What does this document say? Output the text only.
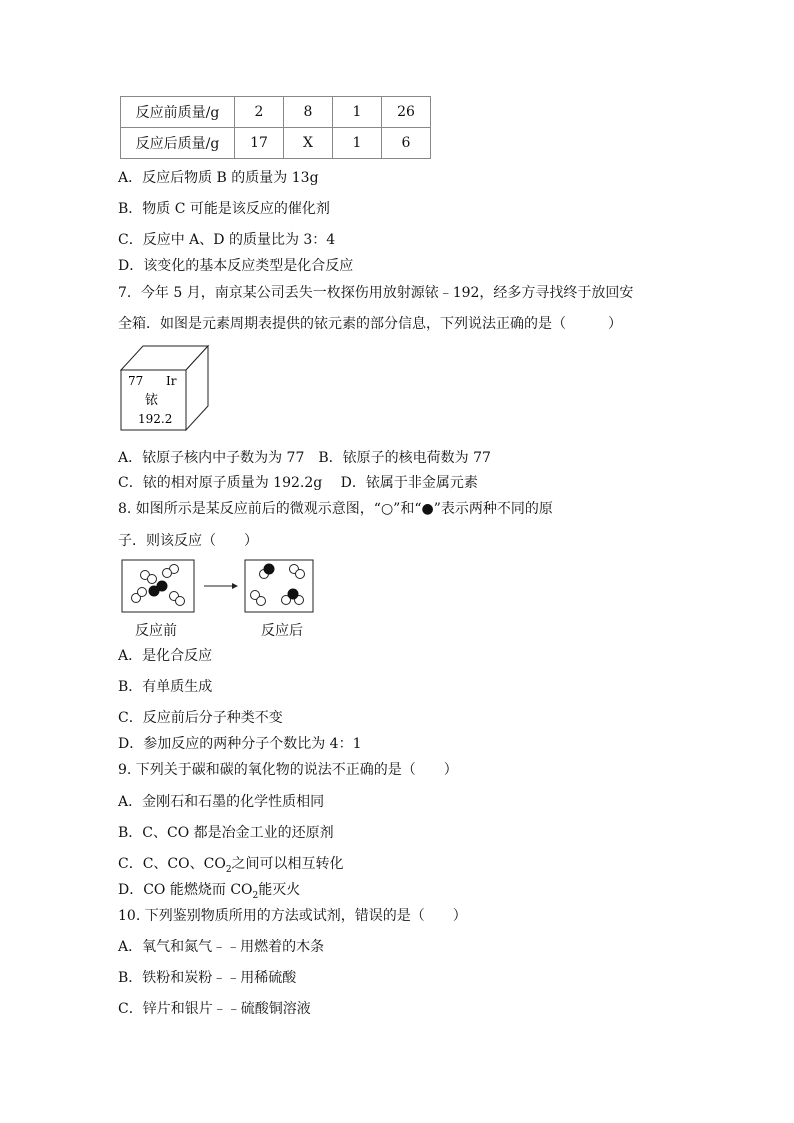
反应前质量/g	2	8	1	26
反应后质量/g	17	X	1	6
A．反应后物质 B 的质量为 13g
B．物质 C 可能是该反应的催化剂
C．反应中 A、D 的质量比为 3：4
D．该变化的基本反应类型是化合反应
7．今年 5 月，南京某公司丢失一枚探伤用放射源铱﹣192，经多方寻找终于放回安
全箱．如图是元素周期表提供的铱元素的部分信息，下列说法正确的是（　　　）
77 Ir
铱
192.2
A．铱原子核内中子数为为 77　B．铱原子的核电荷数为 77
C．铱的相对原子质量为 192.2g　 D．铱属于非金属元素
8. 如图所示是某反应前后的微观示意图，“○”和“●”表示两种不同的原
子．则该反应（　　）
反应前	反应后
A．是化合反应
B．有单质生成
C．反应前后分子种类不变
D．参加反应的两种分子个数比为 4：1
9. 下列关于碳和碳的氧化物的说法不正确的是（　　）
A．金刚石和石墨的化学性质相同
B．C、CO 都是冶金工业的还原剂
C．C、CO、$CO_2$之间可以相互转化
D．CO 能燃烧而 $CO_2$能灭火
10. 下列鉴别物质所用的方法或试剂，错误的是（　　）
A．氧气和氮气﹣﹣用燃着的木条
B．铁粉和炭粉﹣﹣用稀硫酸
C．锌片和银片﹣﹣硫酸铜溶液
